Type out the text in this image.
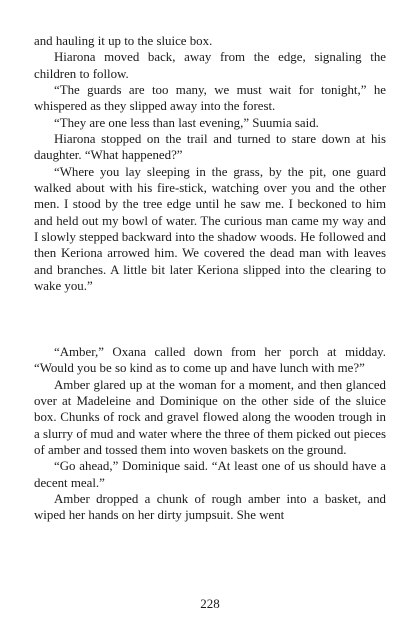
and hauling it up to the sluice box.

Hiarona moved back, away from the edge, signaling the children to follow.

“The guards are too many, we must wait for tonight,” he whispered as they slipped away into the forest.

“They are one less than last evening,” Suumia said.

Hiarona stopped on the trail and turned to stare down at his daughter. “What happened?”

“Where you lay sleeping in the grass, by the pit, one guard walked about with his fire-stick, watching over you and the other men. I stood by the tree edge until he saw me. I beckoned to him and held out my bowl of water. The curious man came my way and I slowly stepped backward into the shadow woods. He followed and then Keriona arrowed him. We covered the dead man with leaves and branches. A little bit later Keriona slipped into the clearing to wake you.”

“Amber,” Oxana called down from her porch at midday. “Would you be so kind as to come up and have lunch with me?”

Amber glared up at the woman for a moment, and then glanced over at Madeleine and Dominique on the other side of the sluice box. Chunks of rock and gravel flowed along the wooden trough in a slurry of mud and water where the three of them picked out pieces of amber and tossed them into woven baskets on the ground.

“Go ahead,” Dominique said. “At least one of us should have a decent meal.”

Amber dropped a chunk of rough amber into a basket, and wiped her hands on her dirty jumpsuit. She went

228
